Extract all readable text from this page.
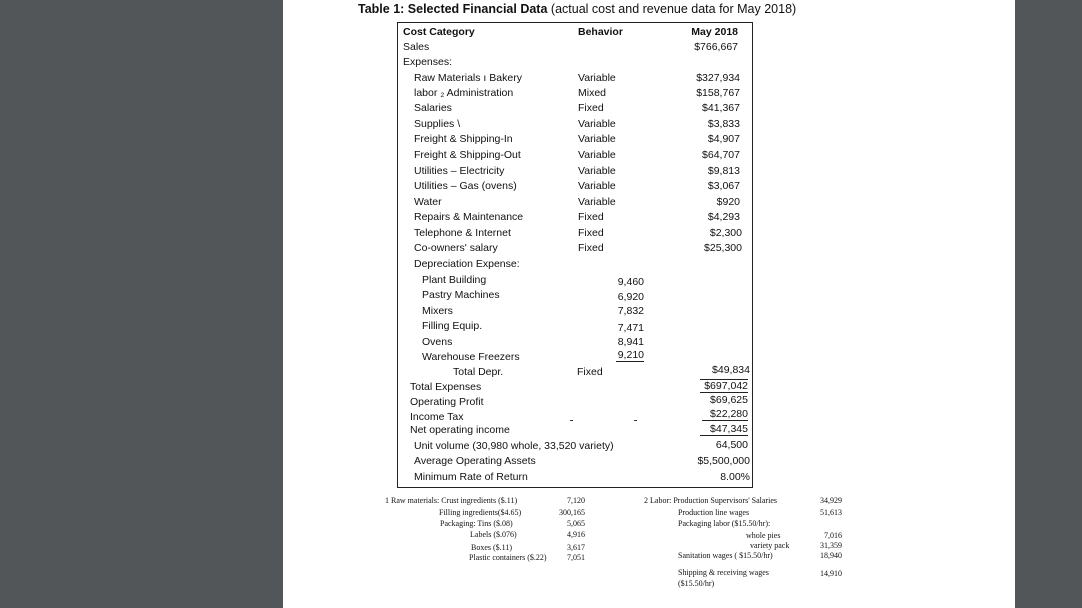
Table 1: Selected Financial Data (actual cost and revenue data for May 2018)
Cost Category	Behavior	May 2018
Sales	$766,667
Expenses:
Raw Materials ı Bakery	Variable	$327,934
labor ₂ Administration	Mixed	$158,767
Salaries	Fixed	$41,367
Supplies \	Variable	$3,833
Freight & Shipping-In	Variable	$4,907
Freight & Shipping-Out	Variable	$64,707
Utilities – Electricity	Variable	$9,813
Utilities – Gas (ovens)	Variable	$3,067
Water	Variable	$920
Repairs & Maintenance	Fixed	$4,293
Telephone & Internet	Fixed	$2,300
Co-owners' salary	Fixed	$25,300
Depreciation Expense:
Plant Building	9,460
Pastry Machines	6,920
Mixers	7,832
Filling Equip.	7,471
Ovens	8,941
Warehouse Freezers	9,210
Total Depr.	Fixed	$49,834
Total Expenses	$697,042
Operating Profit	$69,625
Income Tax	$22,280
Net operating income	$47,345
Unit volume (30,980 whole, 33,520 variety)	64,500
Average Operating Assets	$5,500,000
Minimum Rate of Return	8.00%
1 Raw materials: Crust ingredients ($.11)	7,120
Filling ingredients($4.65)	300,165
Packaging: Tins ($.08)	5,065
Labels ($.076)	4,916
Boxes ($.11)	3,617
Plastic containers ($.22)	7,051
2 Labor: Production Supervisors' Salaries	34,929
Production line wages	51,613
Packaging labor ($15.50/hr):
whole pies	7,016
variety pack	31,359
Sanitation wages ( $15.50/hr)	18,940
Shipping & receiving wages	14,910
($15.50/hr)
